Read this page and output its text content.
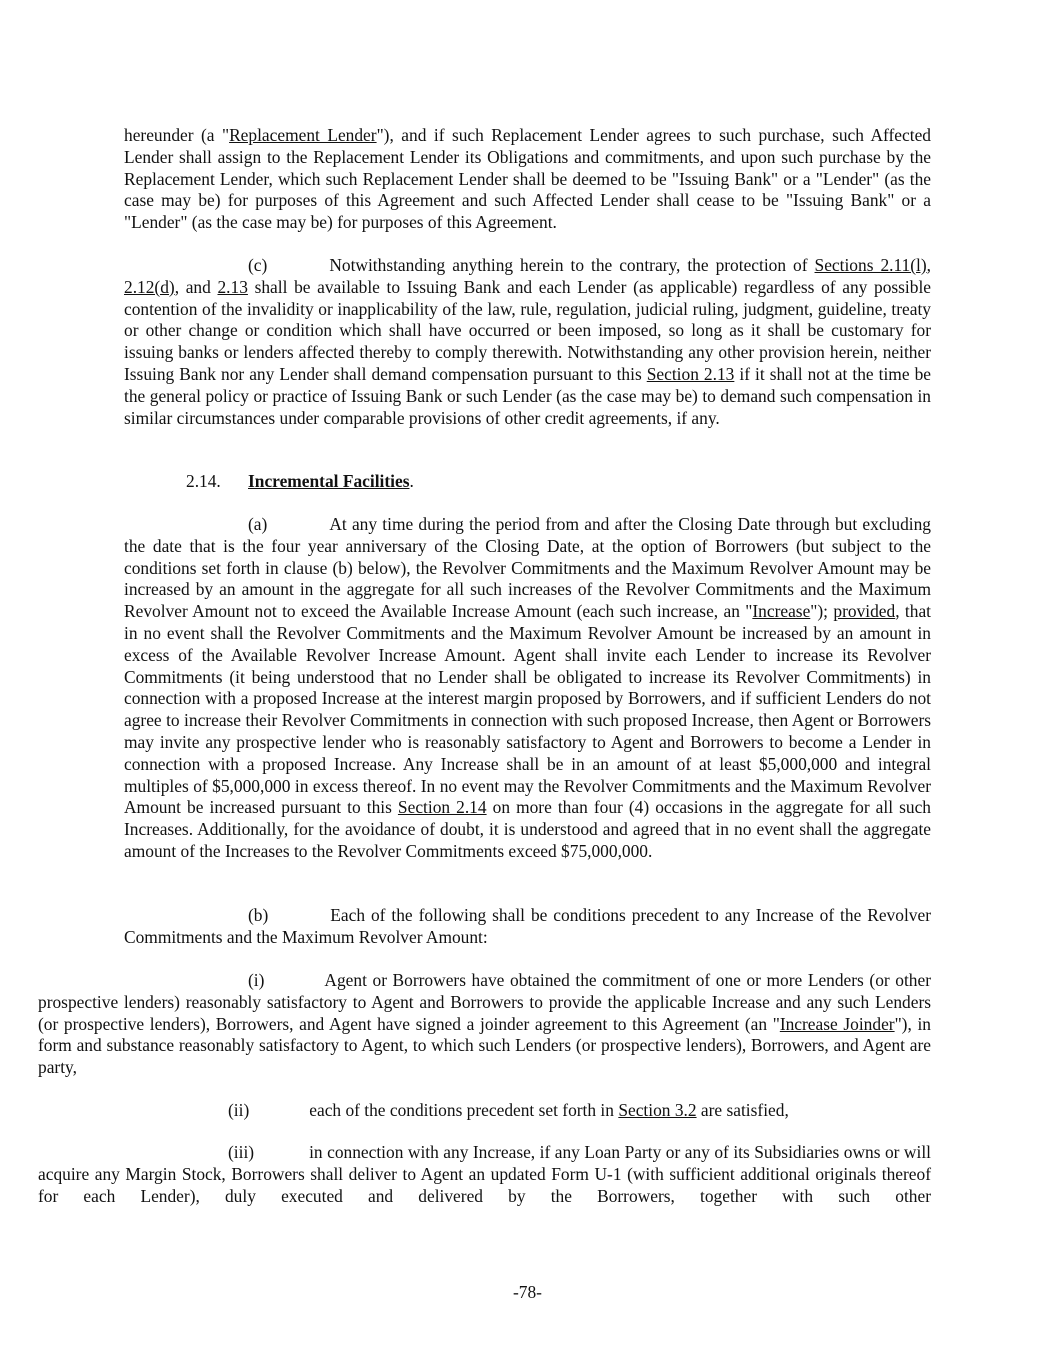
hereunder (a "Replacement Lender"), and if such Replacement Lender agrees to such purchase, such Affected Lender shall assign to the Replacement Lender its Obligations and commitments, and upon such purchase by the Replacement Lender, which such Replacement Lender shall be deemed to be "Issuing Bank" or a "Lender" (as the case may be) for purposes of this Agreement and such Affected Lender shall cease to be "Issuing Bank" or a "Lender" (as the case may be) for purposes of this Agreement.

(c)	Notwithstanding anything herein to the contrary, the protection of Sections 2.11(l), 2.12(d), and 2.13 shall be available to Issuing Bank and each Lender (as applicable) regardless of any possible contention of the invalidity or inapplicability of the law, rule, regulation, judicial ruling, judgment, guideline, treaty or other change or condition which shall have occurred or been imposed, so long as it shall be customary for issuing banks or lenders affected thereby to comply therewith. Notwithstanding any other provision herein, neither Issuing Bank nor any Lender shall demand compensation pursuant to this Section 2.13 if it shall not at the time be the general policy or practice of Issuing Bank or such Lender (as the case may be) to demand such compensation in similar circumstances under comparable provisions of other credit agreements, if any.

2.14. Incremental Facilities.

(a)	At any time during the period from and after the Closing Date through but excluding the date that is the four year anniversary of the Closing Date, at the option of Borrowers (but subject to the conditions set forth in clause (b) below), the Revolver Commitments and the Maximum Revolver Amount may be increased by an amount in the aggregate for all such increases of the Revolver Commitments and the Maximum Revolver Amount not to exceed the Available Increase Amount (each such increase, an "Increase"); provided, that in no event shall the Revolver Commitments and the Maximum Revolver Amount be increased by an amount in excess of the Available Revolver Increase Amount. Agent shall invite each Lender to increase its Revolver Commitments (it being understood that no Lender shall be obligated to increase its Revolver Commitments) in connection with a proposed Increase at the interest margin proposed by Borrowers, and if sufficient Lenders do not agree to increase their Revolver Commitments in connection with such proposed Increase, then Agent or Borrowers may invite any prospective lender who is reasonably satisfactory to Agent and Borrowers to become a Lender in connection with a proposed Increase. Any Increase shall be in an amount of at least $5,000,000 and integral multiples of $5,000,000 in excess thereof. In no event may the Revolver Commitments and the Maximum Revolver Amount be increased pursuant to this Section 2.14 on more than four (4) occasions in the aggregate for all such Increases. Additionally, for the avoidance of doubt, it is understood and agreed that in no event shall the aggregate amount of the Increases to the Revolver Commitments exceed $75,000,000.

(b)	Each of the following shall be conditions precedent to any Increase of the Revolver Commitments and the Maximum Revolver Amount:

(i)	Agent or Borrowers have obtained the commitment of one or more Lenders (or other prospective lenders) reasonably satisfactory to Agent and Borrowers to provide the applicable Increase and any such Lenders (or prospective lenders), Borrowers, and Agent have signed a joinder agreement to this Agreement (an "Increase Joinder"), in form and substance reasonably satisfactory to Agent, to which such Lenders (or prospective lenders), Borrowers, and Agent are party,

(ii)	each of the conditions precedent set forth in Section 3.2 are satisfied,

(iii)	in connection with any Increase, if any Loan Party or any of its Subsidiaries owns or will acquire any Margin Stock, Borrowers shall deliver to Agent an updated Form U-1 (with sufficient additional originals thereof for each Lender), duly executed and delivered by the Borrowers, together with such other

-78-
